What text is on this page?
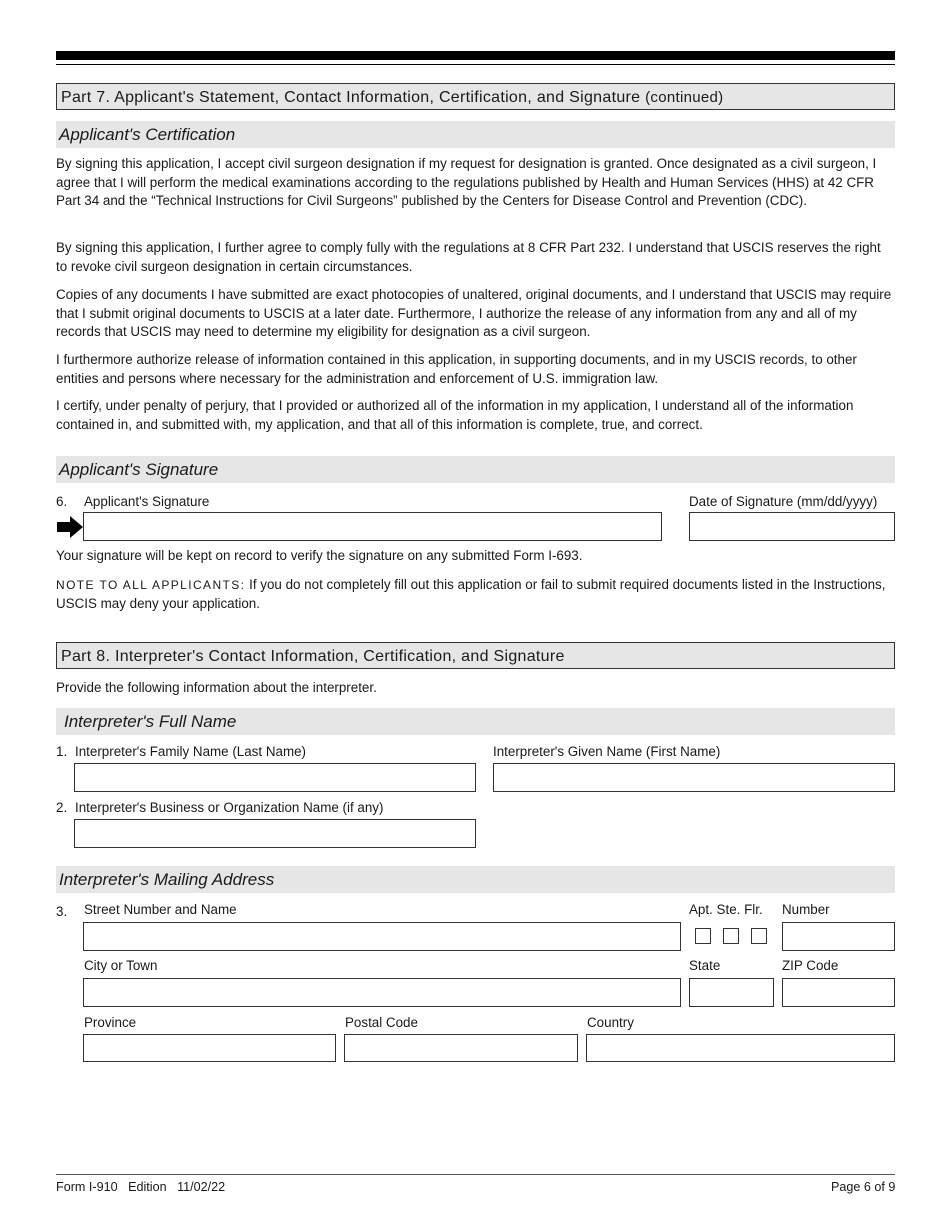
Part 7. Applicant's Statement, Contact Information, Certification, and Signature (continued)
Applicant's Certification

By signing this application, I accept civil surgeon designation if my request for designation is granted. Once designated as a civil surgeon, I agree that I will perform the medical examinations according to the regulations published by Health and Human Services (HHS) at 42 CFR Part 34 and the “Technical Instructions for Civil Surgeons” published by the Centers for Disease Control and Prevention (CDC).

By signing this application, I further agree to comply fully with the regulations at 8 CFR Part 232. I understand that USCIS reserves the right to revoke civil surgeon designation in certain circumstances.

Copies of any documents I have submitted are exact photocopies of unaltered, original documents, and I understand that USCIS may require that I submit original documents to USCIS at a later date. Furthermore, I authorize the release of any information from any and all of my records that USCIS may need to determine my eligibility for designation as a civil surgeon.

I furthermore authorize release of information contained in this application, in supporting documents, and in my USCIS records, to other entities and persons where necessary for the administration and enforcement of U.S. immigration law.

I certify, under penalty of perjury, that I provided or authorized all of the information in my application, I understand all of the information contained in, and submitted with, my application, and that all of this information is complete, true, and correct.

Applicant's Signature
6. Applicant's Signature	Date of Signature (mm/dd/yyyy)

Your signature will be kept on record to verify the signature on any submitted Form I-693.

NOTE TO ALL APPLICANTS: If you do not completely fill out this application or fail to submit required documents listed in the Instructions, USCIS may deny your application.

Part 8. Interpreter's Contact Information, Certification, and Signature

Provide the following information about the interpreter.

Interpreter's Full Name
1. Interpreter's Family Name (Last Name)	Interpreter's Given Name (First Name)
2. Interpreter's Business or Organization Name (if any)
Interpreter's Mailing Address
3. Street Number and Name	Apt. Ste. Flr. Number
City or Town	State	ZIP Code
Province	Postal Code	Country
Form I-910   Edition   11/02/22	Page 6 of 9
